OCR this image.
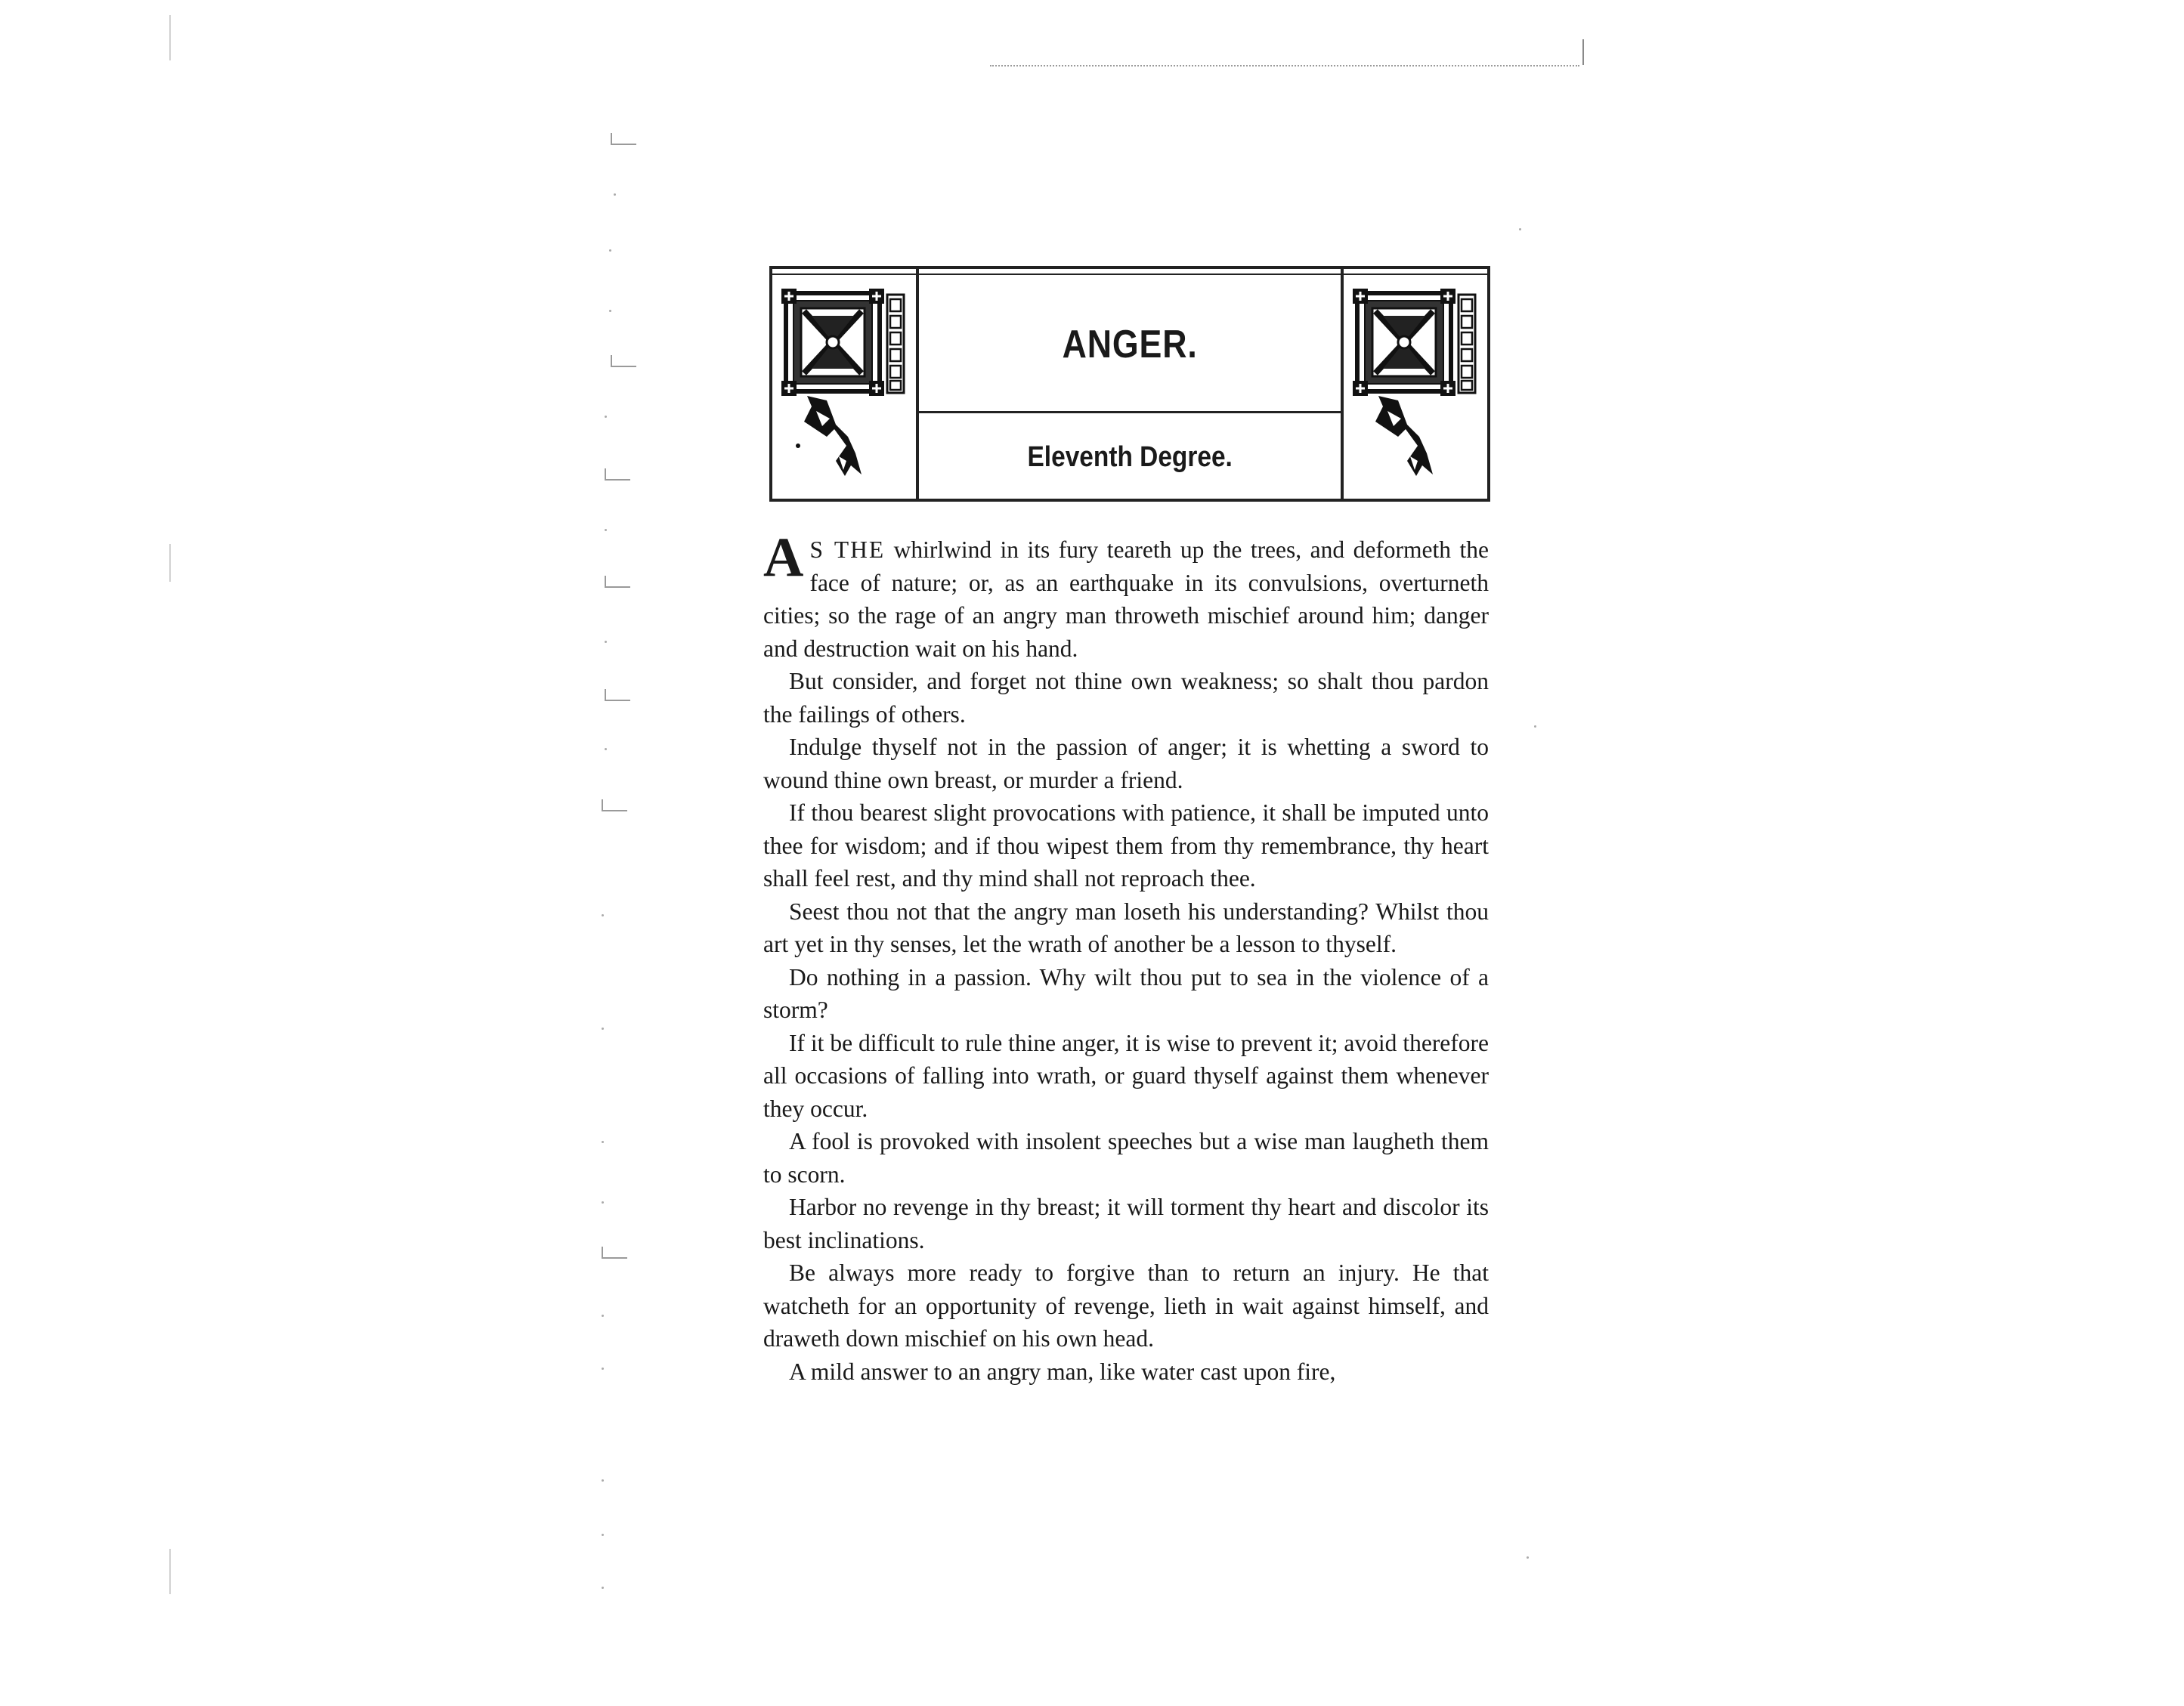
ANGER.
Eleventh Degree.

A S THE whirlwind in its fury teareth up the trees, and deformeth the face of nature; or, as an earthquake in its convulsions, overturneth cities; so the rage of an angry man throweth mischief around him; danger and destruction wait on his hand.

But consider, and forget not thine own weakness; so shalt thou pardon the failings of others.

Indulge thyself not in the passion of anger; it is whetting a sword to wound thine own breast, or murder a friend.

If thou bearest slight provocations with patience, it shall be imputed unto thee for wisdom; and if thou wipest them from thy remembrance, thy heart shall feel rest, and thy mind shall not reproach thee.

Seest thou not that the angry man loseth his understanding? Whilst thou art yet in thy senses, let the wrath of another be a lesson to thyself.

Do nothing in a passion. Why wilt thou put to sea in the violence of a storm?

If it be difficult to rule thine anger, it is wise to prevent it; avoid therefore all occasions of falling into wrath, or guard thyself against them whenever they occur.

A fool is provoked with insolent speeches but a wise man laugheth them to scorn.

Harbor no revenge in thy breast; it will torment thy heart and discolor its best inclinations.

Be always more ready to forgive than to return an injury. He that watcheth for an opportunity of revenge, lieth in wait against himself, and draweth down mischief on his own head.

A mild answer to an angry man, like water cast upon fire,
